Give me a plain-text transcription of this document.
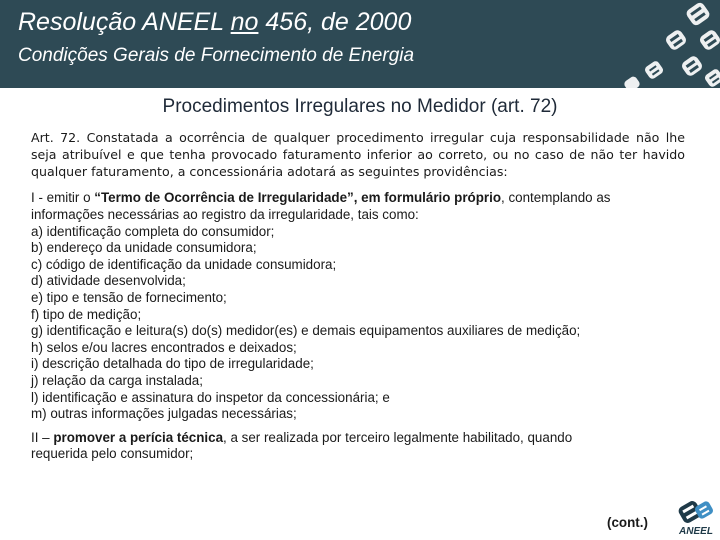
Resolução ANEEL no 456, de 2000
Condições Gerais de Fornecimento de Energia
Procedimentos Irregulares no Medidor (art. 72)

Art. 72. Constatada a ocorrência de qualquer procedimento irregular cuja responsabilidade não lhe seja atribuível e que tenha provocado faturamento inferior ao correto, ou no caso de não ter havido qualquer faturamento, a concessionária adotará as seguintes providências:

I - emitir o “Termo de Ocorrência de Irregularidade”, em formulário próprio, contemplando as informações necessárias ao registro da irregularidade, tais como:

a) identificação completa do consumidor;

b) endereço da unidade consumidora;

c) código de identificação da unidade consumidora;

d) atividade desenvolvida;

e) tipo e tensão de fornecimento;

f) tipo de medição;

g) identificação e leitura(s) do(s) medidor(es) e demais equipamentos auxiliares de medição;

h) selos e/ou lacres encontrados e deixados;

i) descrição detalhada do tipo de irregularidade;

j) relação da carga instalada;

l) identificação e assinatura do inspetor da concessionária; e

m) outras informações julgadas necessárias;

II – promover a perícia técnica, a ser realizada por terceiro legalmente habilitado, quando
requerida pelo consumidor;

(cont.)
ANEEL
